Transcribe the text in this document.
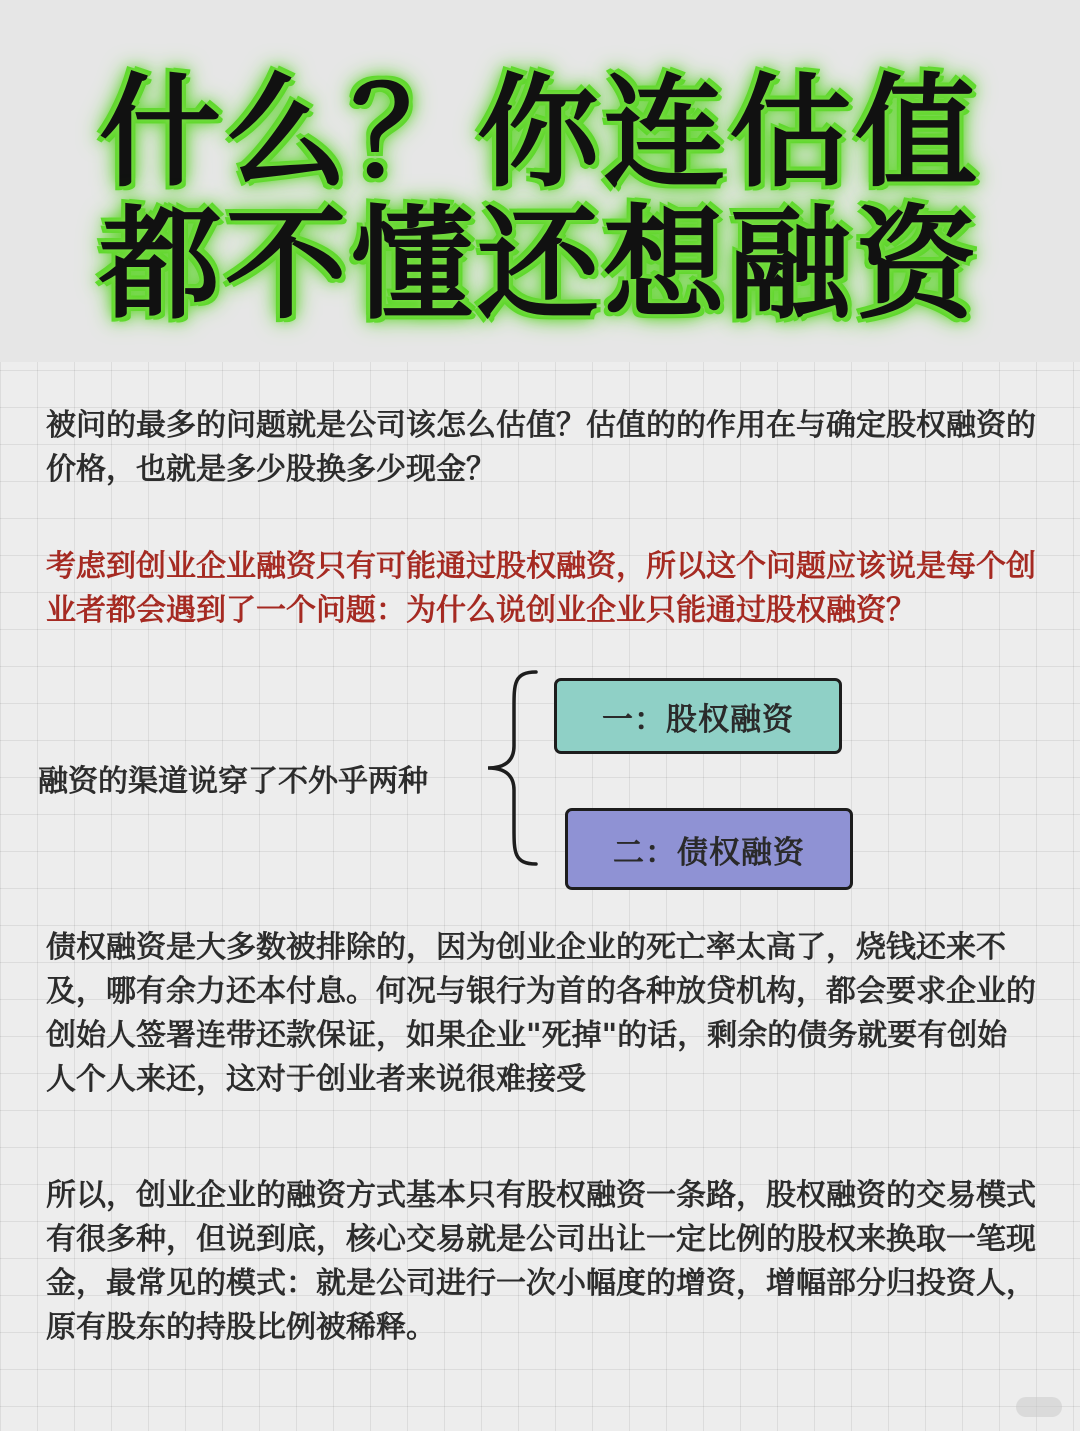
什么？你连估值
都不懂还想融资

被问的最多的问题就是公司该怎么估值？估值的的作用在与确定股权融资的价格，也就是多少股换多少现金？

考虑到创业企业融资只有可能通过股权融资，所以这个问题应该说是每个创业者都会遇到了一个问题：为什么说创业企业只能通过股权融资？

融资的渠道说穿了不外乎两种
一：股权融资
二：债权融资

债权融资是大多数被排除的，因为创业企业的死亡率太高了，烧钱还来不及，哪有余力还本付息。何况与银行为首的各种放贷机构，都会要求企业的创始人签署连带还款保证，如果企业"死掉"的话，剩余的债务就要有创始人个人来还，这对于创业者来说很难接受

所以，创业企业的融资方式基本只有股权融资一条路，股权融资的交易模式有很多种，但说到底，核心交易就是公司出让一定比例的股权来换取一笔现金，最常见的模式：就是公司进行一次小幅度的增资，增幅部分归投资人，原有股东的持股比例被稀释。
